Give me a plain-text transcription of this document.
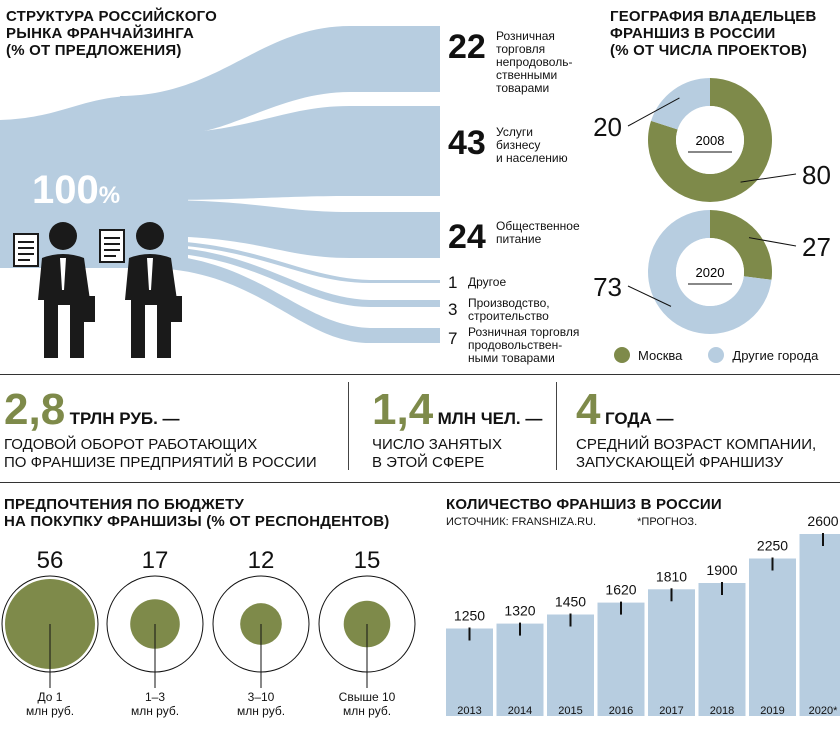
СТРУКТУРА РОССИЙСКОГО
РЫНКА ФРАНЧАЙЗИНГА
(% ОТ ПРЕДЛОЖЕНИЯ)
100%
22 Розничная
торговля
непродоволь-
ственными
товарами
43 Услуги
бизнесу
и населению
24 Общественное
питание
1 Другое
3 Производство,
строительство
7 Розничная торговля
продовольствен-
ными товарами
ГЕОГРАФИЯ ВЛАДЕЛЬЦЕВ
ФРАНШИЗ В РОССИИ
(% ОТ ЧИСЛА ПРОЕКТОВ)
2008
80
20
2020
27
73
Москва	Другие города
2,8 ТРЛН РУБ. —
ГОДОВОЙ ОБОРОТ РАБОТАЮЩИХ
ПО ФРАНШИЗЕ ПРЕДПРИЯТИЙ В РОССИИ
1,4 МЛН ЧЕЛ. —
ЧИСЛО ЗАНЯТЫХ
В ЭТОЙ СФЕРЕ
4 ГОДА —
СРЕДНИЙ ВОЗРАСТ КОМПАНИИ,
ЗАПУСКАЮЩЕЙ ФРАНШИЗУ
ПРЕДПОЧТЕНИЯ ПО БЮДЖЕТУ
НА ПОКУПКУ ФРАНШИЗЫ (% ОТ РЕСПОНДЕНТОВ)
56
До 1
млн руб.
17
1–3
млн руб.
12
3–10
млн руб.
15
Свыше 10
млн руб.
КОЛИЧЕСТВО ФРАНШИЗ В РОССИИ
ИСТОЧНИК: FRANSHIZA.RU.	*ПРОГНОЗ.
1250
2013
1320
2014
1450
2015
1620
2016
1810
2017
1900
2018
2250
2019
2600
2020*
